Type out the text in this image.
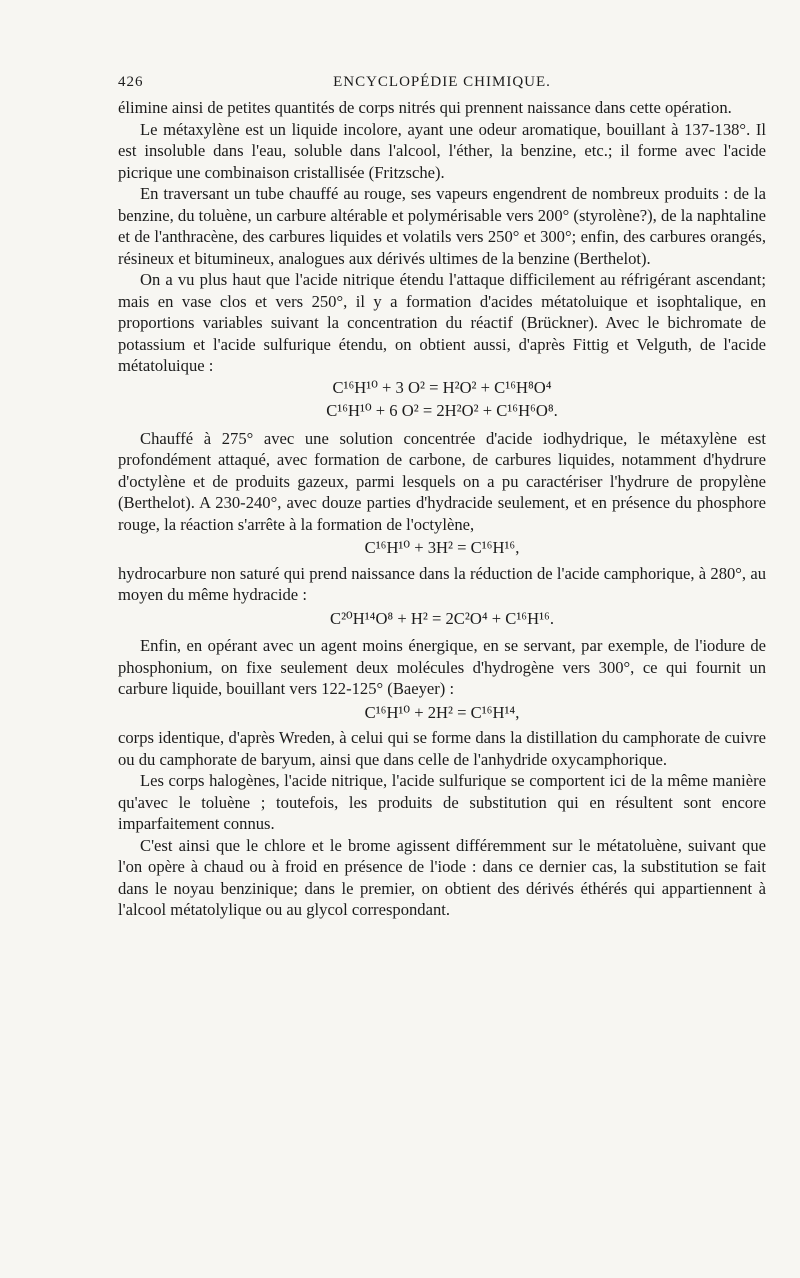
426	ENCYCLOPÉDIE CHIMIQUE.

élimine ainsi de petites quantités de corps nitrés qui prennent naissance dans cette opération.

Le métaxylène est un liquide incolore, ayant une odeur aromatique, bouillant à 137-138°. Il est insoluble dans l'eau, soluble dans l'alcool, l'éther, la benzine, etc.; il forme avec l'acide picrique une combinaison cristallisée (Fritzsche).

En traversant un tube chauffé au rouge, ses vapeurs engendrent de nombreux produits : de la benzine, du toluène, un carbure altérable et polymérisable vers 200° (styrolène?), de la naphtaline et de l'anthracène, des carbures liquides et volatils vers 250° et 300°; enfin, des carbures orangés, résineux et bitumineux, analogues aux dérivés ultimes de la benzine (Berthelot).

On a vu plus haut que l'acide nitrique étendu l'attaque difficilement au réfrigérant ascendant; mais en vase clos et vers 250°, il y a formation d'acides métatoluique et isophtalique, en proportions variables suivant la concentration du réactif (Brückner). Avec le bichromate de potassium et l'acide sulfurique étendu, on obtient aussi, d'après Fittig et Velguth, de l'acide métatoluique :

C¹⁶H¹⁰ + 3 O² = H²O² + C¹⁶H⁸O⁴
C¹⁶H¹⁰ + 6 O² = 2H²O² + C¹⁶H⁶O⁸.

Chauffé à 275° avec une solution concentrée d'acide iodhydrique, le métaxylène est profondément attaqué, avec formation de carbone, de carbures liquides, notamment d'hydrure d'octylène et de produits gazeux, parmi lesquels on a pu caractériser l'hydrure de propylène (Berthelot). A 230-240°, avec douze parties d'hydracide seulement, et en présence du phosphore rouge, la réaction s'arrête à la formation de l'octylène,

C¹⁶H¹⁰ + 3H² = C¹⁶H¹⁶,

hydrocarbure non saturé qui prend naissance dans la réduction de l'acide camphorique, à 280°, au moyen du même hydracide :

C²⁰H¹⁴O⁸ + H² = 2C²O⁴ + C¹⁶H¹⁶.

Enfin, en opérant avec un agent moins énergique, en se servant, par exemple, de l'iodure de phosphonium, on fixe seulement deux molécules d'hydrogène vers 300°, ce qui fournit un carbure liquide, bouillant vers 122-125° (Baeyer) :

C¹⁶H¹⁰ + 2H² = C¹⁶H¹⁴,

corps identique, d'après Wreden, à celui qui se forme dans la distillation du camphorate de cuivre ou du camphorate de baryum, ainsi que dans celle de l'anhydride oxycamphorique.

Les corps halogènes, l'acide nitrique, l'acide sulfurique se comportent ici de la même manière qu'avec le toluène ; toutefois, les produits de substitution qui en résultent sont encore imparfaitement connus.

C'est ainsi que le chlore et le brome agissent différemment sur le métatoluène, suivant que l'on opère à chaud ou à froid en présence de l'iode : dans ce dernier cas, la substitution se fait dans le noyau benzinique; dans le premier, on obtient des dérivés éthérés qui appartiennent à l'alcool métatolylique ou au glycol correspondant.
